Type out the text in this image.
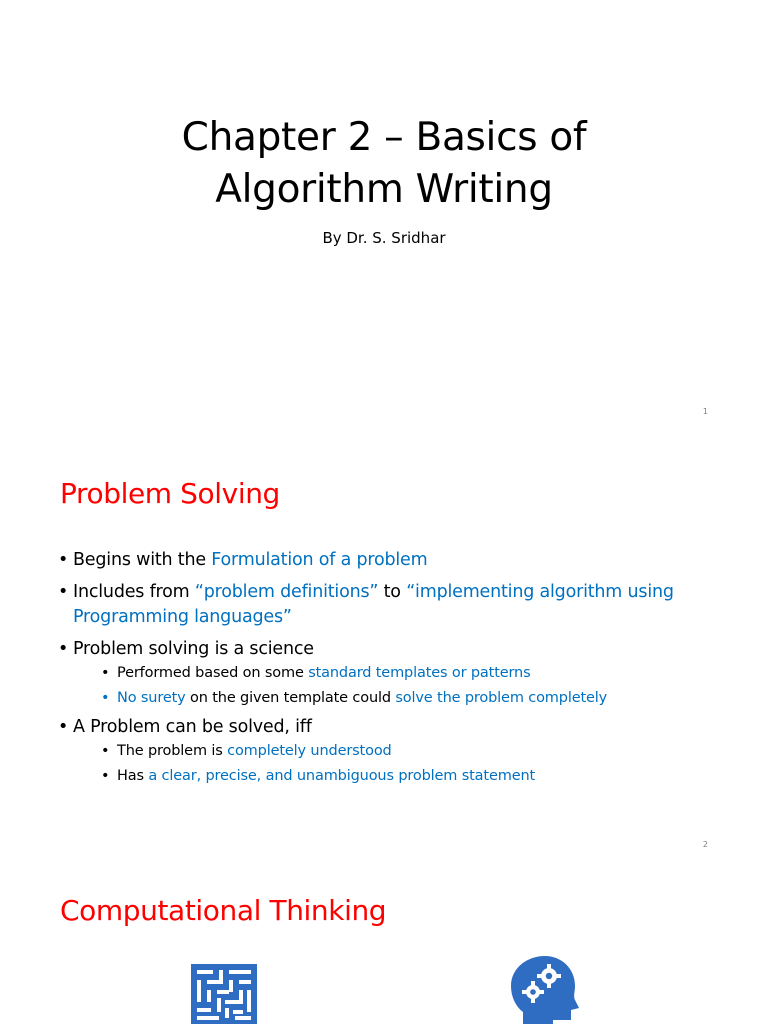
Chapter 2 – Basics of
Algorithm Writing

By Dr. S. Sridhar

1
Problem Solving
• Begins with the Formulation of a problem
• Includes from “problem definitions” to “implementing algorithm using Programming languages”
• Problem solving is a science
• Performed based on some standard templates or patterns
• No surety on the given template could solve the problem completely
• A Problem can be solved, iff
• The problem is completely understood
• Has a clear, precise, and unambiguous problem statement
2
Computational Thinking
